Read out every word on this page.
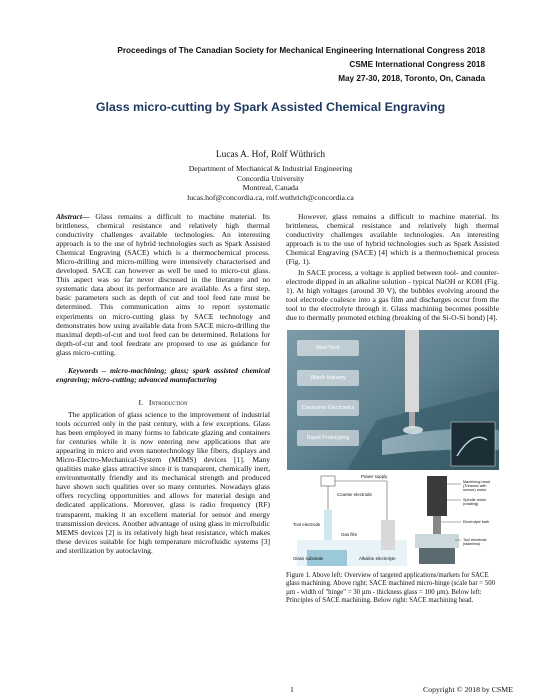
Proceedings of The Canadian Society for Mechanical Engineering International Congress 2018
CSME International Congress 2018
May 27-30, 2018, Toronto, On, Canada
Glass micro-cutting by Spark Assisted Chemical Engraving
Lucas A. Hof, Rolf Wüthrich
Department of Mechanical & Industrial Engineering
Concordia University
Montreal, Canada
lucas.hof@concordia.ca, rolf.wuthrich@concordia.ca

Abstract— Glass remains a difficult to machine material. Its brittleness, chemical resistance and relatively high thermal conductivity challenges available technologies. An interesting approach is to the use of hybrid technologies such as Spark Assisted Chemical Engraving (SACE) which is a thermochemical process. Micro-drilling and micro-milling were intensively characterised and developed. SACE can however as well be used to micro-cut glass. This aspect was so far never discussed in the literature and no systematic data about its performance are available. As a first step, basic parameters such as depth of cut and tool feed rate must be determined. This communication aims to report systematic experiments on micro-cutting glass by SACE technology and demonstrates how using available data from SACE micro-drilling the maximal depth-of-cut and tool feed can be determined. Relations for depth-of-cut and tool feedrate are proposed to use as guidance for glass micro-cutting.

Keywords – micro-machining; glass; spark assisted chemical engraving; micro-cutting; advanced manufacturing

I. Introduction

The application of glass science to the improvement of industrial tools occurred only in the past century, with a few exceptions. Glass has been employed in many forms to fabricate glazing and containers for centuries while it is now entering new applications that are appearing in micro and even nanotechnology like fibers, displays and Micro-Electro-Mechanical-System (MEMS) devices [1]. Many qualities make glass attractive since it is transparent, chemically inert, environmentally friendly and its mechanical strength and produced have shown such qualities over so many centuries. Nowadays glass offers recycling opportunities and allows for material design and dedicated applications. Moreover, glass is radio frequency (RF) transparent, making it an excellent material for sensor and energy transmission devices. Another advantage of using glass in microfluidic MEMS devices [2] is its relatively high heat resistance, which makes these devices suitable for high temperature microfluidic systems [3] and sterilization by autoclaving.

However, glass remains a difficult to machine material. Its brittleness, chemical resistance and relatively high thermal conductivity challenges available technologies. An interesting approach is to the use of hybrid technologies such as Spark Assisted Chemical Engraving (SACE) [4] which is a thermochemical process (Fig. 1).

In SACE process, a voltage is applied between tool- and counter-electrode dipped in an alkaline solution - typical NaOH or KOH (Fig. 1). At high voltages (around 30 V), the bubbles evolving around the tool electrode coalesce into a gas film and discharges occur from the tool to the electrolyte through it. Glass machining becomes possible due to thermally promoted etching (breaking of the Si-O-Si bond) [4].

Med Tech
Watch Industry
Consumer Electronics
Rapid Prototyping
Power supply
Counter electrode
Tool electrode
Glass substrate	Alkaline electrolyte
Gas film
Machining head (Trinamic with sensor) motor
Spindle motor (rotating)
Electrolyte bath
Tool electrode (stainless)
Figure 1. Above left: Overview of targeted applications/markets for SACE glass machining. Above right: SACE machined micro-hinge (scale bar = 500 µm - width of "hinge" = 30 µm - thickness glass = 100 µm). Below left: Principles of SACE machining. Below right: SACE machining head.
1	Copyright © 2018 by CSME
